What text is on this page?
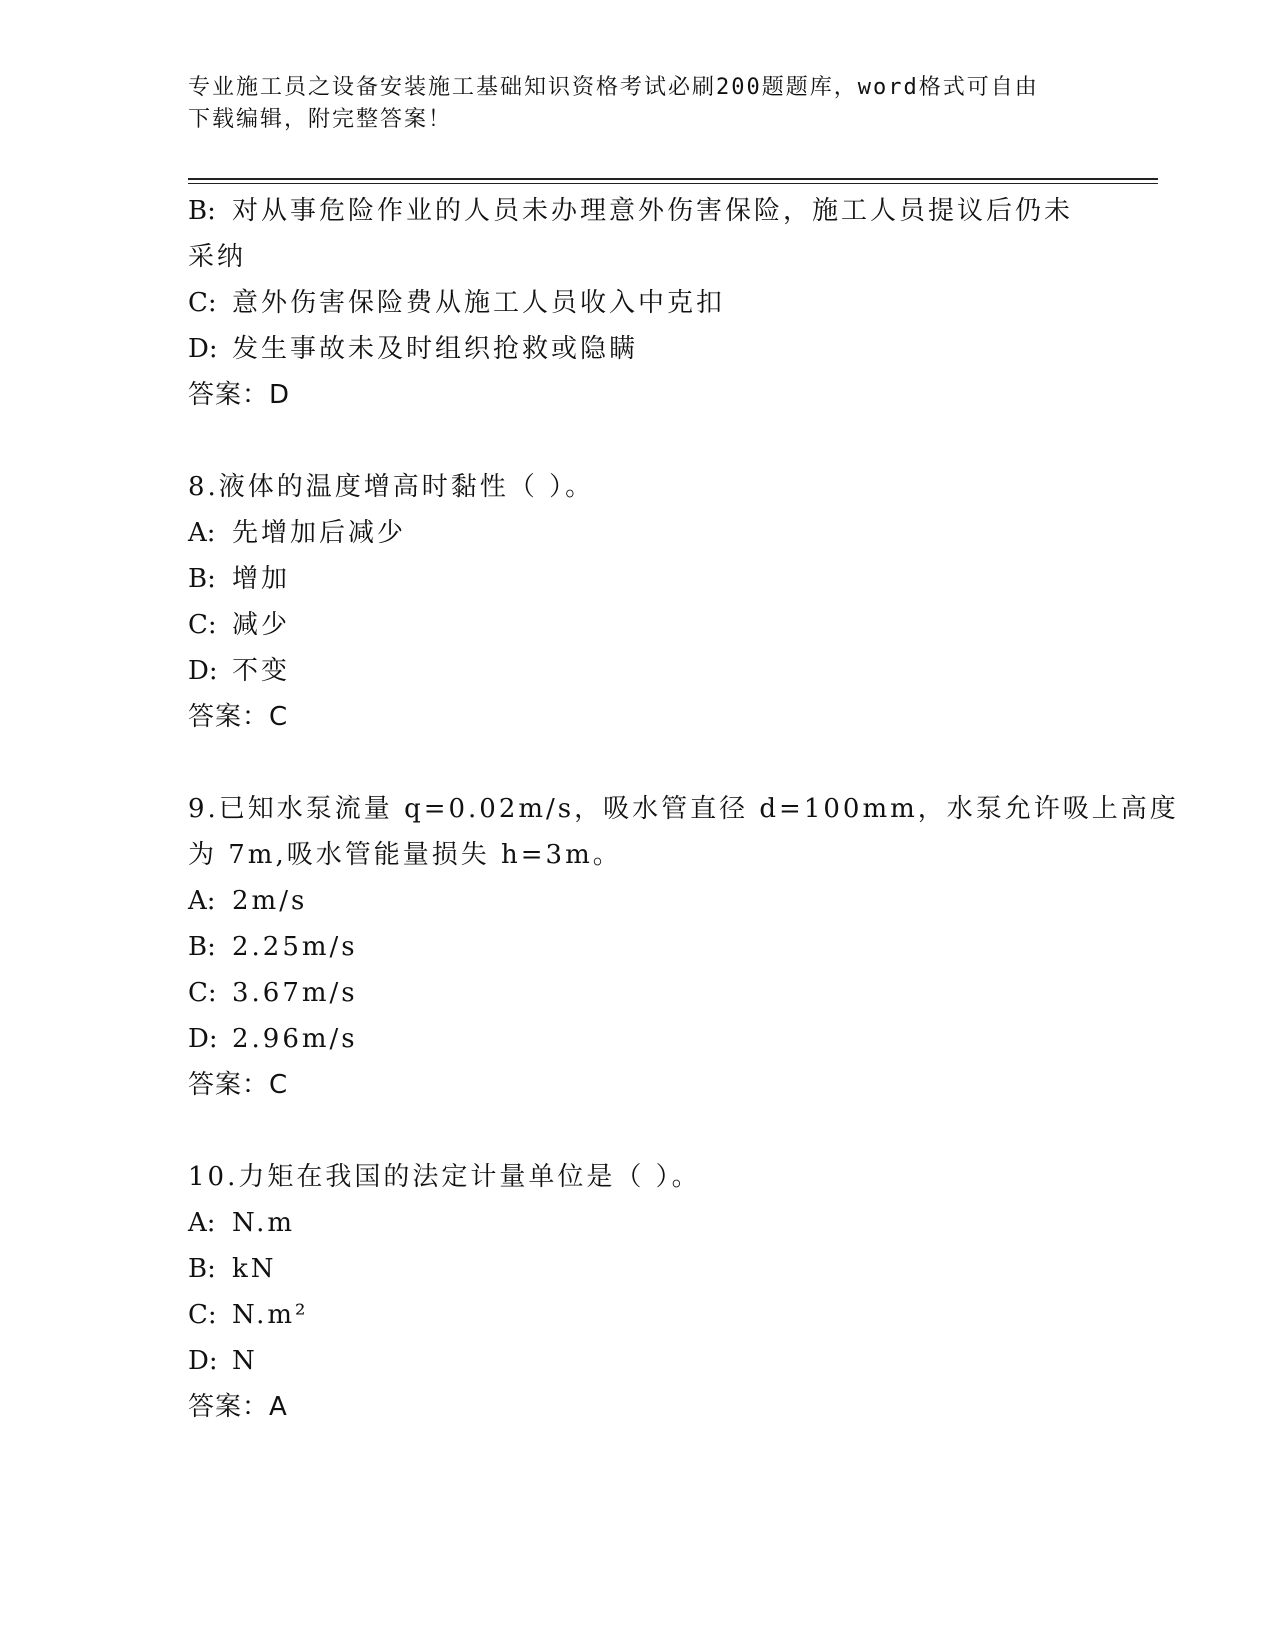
专业施工员之设备安装施工基础知识资格考试必刷200题题库，word格式可自由
下载编辑，附完整答案！
B: 对从事危险作业的人员未办理意外伤害保险，施工人员提议后仍未
采纳
C: 意外伤害保险费从施工人员收入中克扣
D: 发生事故未及时组织抢救或隐瞒
答案：D
8.液体的温度增高时黏性（ ）。
A: 先增加后减少
B: 增加
C: 减少
D: 不变
答案：C
9.已知水泵流量 q=0.02m/s，吸水管直径 d=100mm，水泵允许吸上高度
为 7m,吸水管能量损失 h=3m。
A: 2m/s
B: 2.25m/s
C: 3.67m/s
D: 2.96m/s
答案：C
10.力矩在我国的法定计量单位是（ ）。
A: N.m
B: kN
C: N.m²
D: N
答案：A
